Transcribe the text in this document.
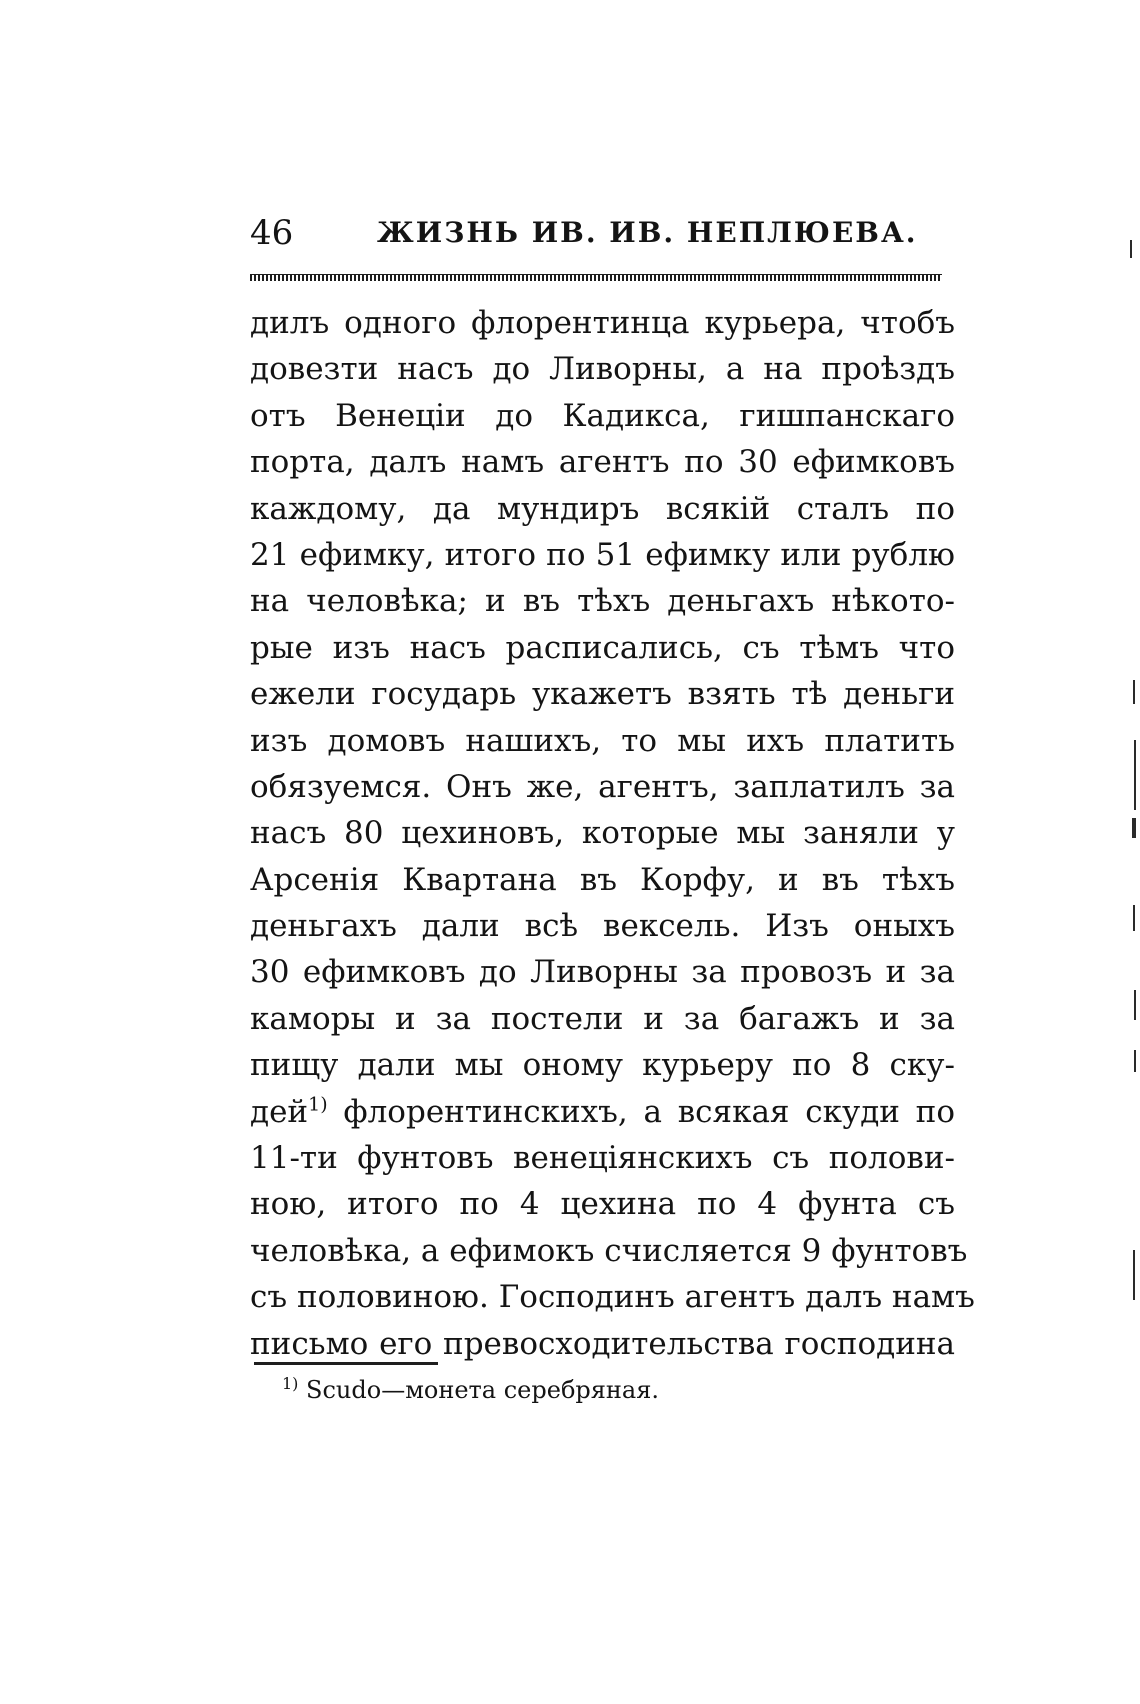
46	ЖИЗНЬ ИВ. ИВ. НЕПЛЮЕВА.
дилъ одного флорентинца курьера, чтобъ
довезти насъ до Ливорны, а на проѣздъ
отъ Венеціи до Кадикса, гишпанскаго
порта, далъ намъ агентъ по 30 ефимковъ
каждому, да мундиръ всякій сталъ по
21 ефимку, итого по 51 ефимку или рублю
на человѣка; и въ тѣхъ деньгахъ нѣкото-
рые изъ насъ расписались, съ тѣмъ что
ежели государь укажетъ взять тѣ деньги
изъ домовъ нашихъ, то мы ихъ платить
обязуемся. Онъ же, агентъ, заплатилъ за
насъ 80 цехиновъ, которые мы заняли у
Арсенія Квартана въ Корфу, и въ тѣхъ
деньгахъ дали всѣ вексель. Изъ оныхъ
30 ефимковъ до Ливорны за провозъ и за
каморы и за постели и за багажъ и за
пищу дали мы оному курьеру по 8 ску-
дей$^{1)}$ флорентинскихъ, а всякая скуди по
11-ти фунтовъ венеціянскихъ съ полови-
ною, итого по 4 цехина по 4 фунта съ
человѣка, а ефимокъ счисляется 9 фунтовъ
съ половиною. Господинъ агентъ далъ намъ
письмо его превосходительства господина
$^{1)}$ Scudo—монета серебряная.
